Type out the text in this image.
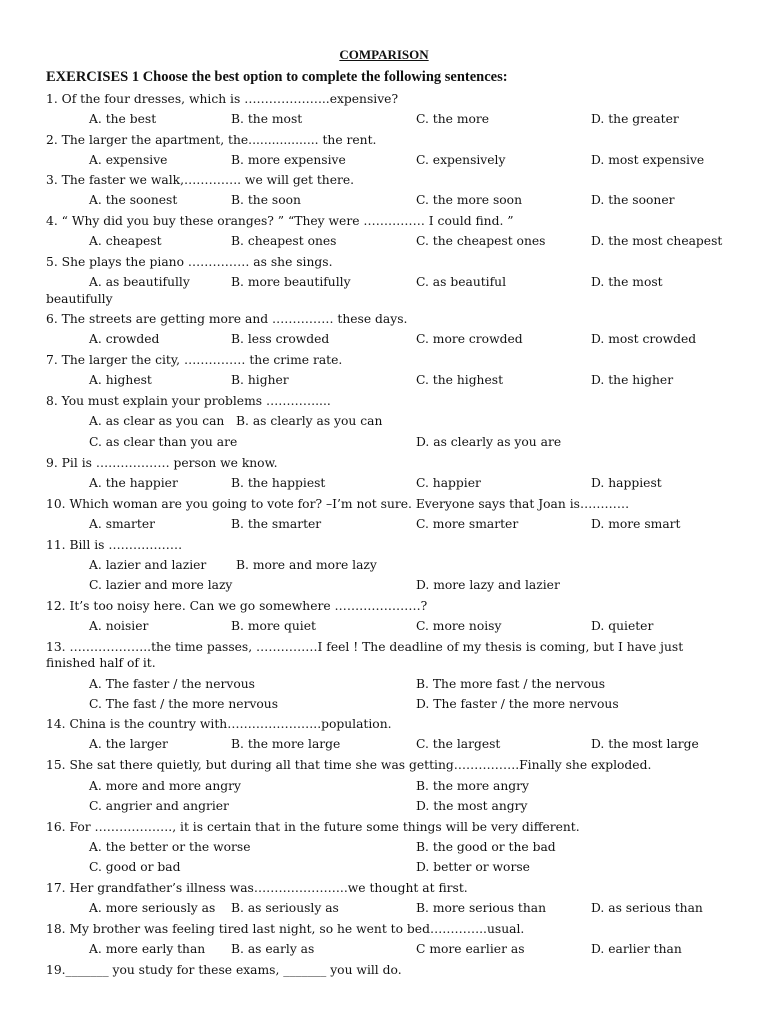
COMPARISON
EXERCISES 1 Choose the best option to complete the following sentences:
1. Of the four dresses, which is ………………...expensive?
A. the best	B. the most	C. the more	D. the greater
2. The larger the apartment, the.................. the rent.
A. expensive	B. more expensive	C. expensively	D. most expensive
3. The faster we walk,………….. we will get there.
A. the soonest	B. the soon	C. the more soon	D. the sooner
4. “ Why did you buy these oranges? ” “They were …………… I could find. ”
A. cheapest	B. cheapest ones	C. the cheapest ones	D. the most cheapest
5. She plays the piano …………… as she sings.
A. as beautifully	B. more beautifully	C. as beautiful	D. the most
beautifully
6. The streets are getting more and …………… these days.
A. crowded	B. less crowded	C. more crowded	D. most crowded
7. The larger the city, …………… the crime rate.
A. highest	B. higher	C. the highest	D. the higher
8. You must explain your problems …………....
A. as clear as you can B. as clearly as you can
C. as clear than you are	D. as clearly as you are
9. Pil is ……………… person we know.
A. the happier	B. the happiest	C. happier	D. happiest
10. Which woman are you going to vote for? –I’m not sure. Everyone says that Joan is…………
A. smarter	B. the smarter	C. more smarter	D. more smart
11. Bill is ………………
A. lazier and lazier B. more and more lazy
C. lazier and more lazy	D. more lazy and lazier
12. It’s too noisy here. Can we go somewhere …………………?
A. noisier	B. more quiet	C. more noisy	D. quieter
13. ………………..the time passes, ……………I feel ! The deadline of my thesis is coming, but I have just finished half of it.
A. The faster / the nervous	B. The more fast / the nervous
C. The fast / the more nervous	D. The faster / the more nervous
14. China is the country with…………………..population.
A. the larger	B. the more large	C. the largest	D. the most large
15. She sat there quietly, but during all that time she was getting…………….Finally she exploded.
A. more and more angry	B. the more angry
C. angrier and angrier	D. the most angry
16. For ………………., it is certain that in the future some things will be very different.
A. the better or the worse	B. the good or the bad
C. good or bad	D. better or worse
17. Her grandfather’s illness was…………………..we thought at first.
A. more seriously as B. as seriously as	B. more serious than	D. as serious than
18. My brother was feeling tired last night, so he went to bed…………..usual.
A. more early than B. as early as	C more earlier as	D. earlier than
19._______ you study for these exams, _______ you will do.
